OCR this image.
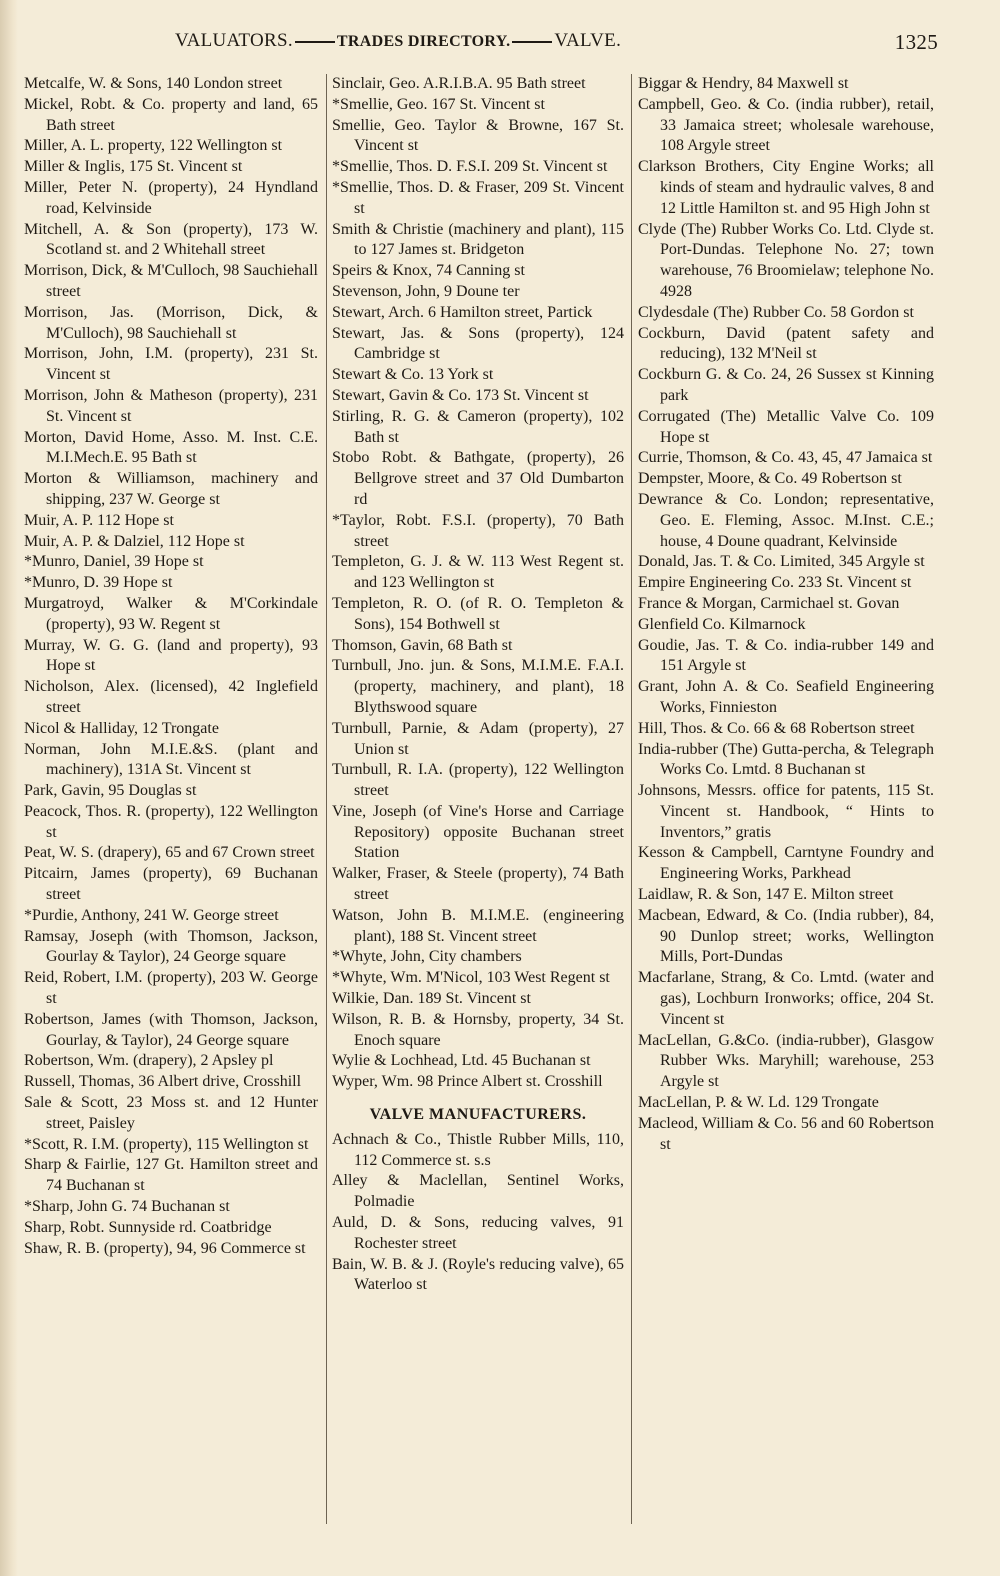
VALUATORS.	TRADES DIRECTORY. VALVE.	1325

Metcalfe, W. & Sons, 140 London street

Mickel, Robt. & Co. property and land, 65 Bath street

Miller, A. L. property, 122 Wellington st

Miller & Inglis, 175 St. Vincent st

Miller, Peter N. (property), 24 Hyndland road, Kelvinside

Mitchell, A. & Son (property), 173 W. Scotland st. and 2 Whitehall street

Morrison, Dick, & M'Culloch, 98 Sauchiehall street

Morrison, Jas. (Morrison, Dick, & M'Culloch), 98 Sauchiehall st

Morrison, John, I.M. (property), 231 St. Vincent st

Morrison, John & Matheson (property), 231 St. Vincent st

Morton, David Home, Asso. M. Inst. C.E. M.I.Mech.E. 95 Bath st

Morton & Williamson, machinery and shipping, 237 W. George st

Muir, A. P. 112 Hope st

Muir, A. P. & Dalziel, 112 Hope st

*Munro, Daniel, 39 Hope st

*Munro, D. 39 Hope st

Murgatroyd, Walker & M'Corkindale (property), 93 W. Regent st

Murray, W. G. G. (land and property), 93 Hope st

Nicholson, Alex. (licensed), 42 Inglefield street

Nicol & Halliday, 12 Trongate

Norman, John M.I.E.&S. (plant and machinery), 131A St. Vincent st

Park, Gavin, 95 Douglas st

Peacock, Thos. R. (property), 122 Wellington st

Peat, W. S. (drapery), 65 and 67 Crown street

Pitcairn, James (property), 69 Buchanan street

*Purdie, Anthony, 241 W. George street

Ramsay, Joseph (with Thomson, Jackson, Gourlay & Taylor), 24 George square

Reid, Robert, I.M. (property), 203 W. George st

Robertson, James (with Thomson, Jackson, Gourlay, & Taylor), 24 George square

Robertson, Wm. (drapery), 2 Apsley pl

Russell, Thomas, 36 Albert drive, Crosshill

Sale & Scott, 23 Moss st. and 12 Hunter street, Paisley

*Scott, R. I.M. (property), 115 Wellington st

Sharp & Fairlie, 127 Gt. Hamilton street and 74 Buchanan st

*Sharp, John G. 74 Buchanan st

Sharp, Robt. Sunnyside rd. Coatbridge

Shaw, R. B. (property), 94, 96 Commerce st

Sinclair, Geo. A.R.I.B.A. 95 Bath street

*Smellie, Geo. 167 St. Vincent st

Smellie, Geo. Taylor & Browne, 167 St. Vincent st

*Smellie, Thos. D. F.S.I. 209 St. Vincent st

*Smellie, Thos. D. & Fraser, 209 St. Vincent st

Smith & Christie (machinery and plant), 115 to 127 James st. Bridgeton

Speirs & Knox, 74 Canning st

Stevenson, John, 9 Doune ter

Stewart, Arch. 6 Hamilton street, Partick

Stewart, Jas. & Sons (property), 124 Cambridge st

Stewart & Co. 13 York st

Stewart, Gavin & Co. 173 St. Vincent st

Stirling, R. G. & Cameron (property), 102 Bath st

Stobo Robt. & Bathgate, (property), 26 Bellgrove street and 37 Old Dumbarton rd

*Taylor, Robt. F.S.I. (property), 70 Bath street

Templeton, G. J. & W. 113 West Regent st. and 123 Wellington st

Templeton, R. O. (of R. O. Templeton & Sons), 154 Bothwell st

Thomson, Gavin, 68 Bath st

Turnbull, Jno. jun. & Sons, M.I.M.E. F.A.I. (property, machinery, and plant), 18 Blythswood square

Turnbull, Parnie, & Adam (property), 27 Union st

Turnbull, R. I.A. (property), 122 Wellington street

Vine, Joseph (of Vine's Horse and Carriage Repository) opposite Buchanan street Station

Walker, Fraser, & Steele (property), 74 Bath street

Watson, John B. M.I.M.E. (engineering plant), 188 St. Vincent street

*Whyte, John, City chambers

*Whyte, Wm. M'Nicol, 103 West Regent st

Wilkie, Dan. 189 St. Vincent st

Wilson, R. B. & Hornsby, property, 34 St. Enoch square

Wylie & Lochhead, Ltd. 45 Buchanan st

Wyper, Wm. 98 Prince Albert st. Crosshill

VALVE MANUFACTURERS.

Achnach & Co., Thistle Rubber Mills, 110, 112 Commerce st. s.s

Alley & Maclellan, Sentinel Works, Polmadie

Auld, D. & Sons, reducing valves, 91 Rochester street

Bain, W. B. & J. (Royle's reducing valve), 65 Waterloo st

Biggar & Hendry, 84 Maxwell st

Campbell, Geo. & Co. (india rubber), retail, 33 Jamaica street; wholesale warehouse, 108 Argyle street

Clarkson Brothers, City Engine Works; all kinds of steam and hydraulic valves, 8 and 12 Little Hamilton st. and 95 High John st

Clyde (The) Rubber Works Co. Ltd. Clyde st. Port-Dundas. Telephone No. 27; town warehouse, 76 Broomielaw; telephone No. 4928

Clydesdale (The) Rubber Co. 58 Gordon st

Cockburn, David (patent safety and reducing), 132 M'Neil st

Cockburn G. & Co. 24, 26 Sussex st Kinning park

Corrugated (The) Metallic Valve Co. 109 Hope st

Currie, Thomson, & Co. 43, 45, 47 Jamaica st

Dempster, Moore, & Co. 49 Robertson st

Dewrance & Co. London; representative, Geo. E. Fleming, Assoc. M.Inst. C.E.; house, 4 Doune quadrant, Kelvinside

Donald, Jas. T. & Co. Limited, 345 Argyle st

Empire Engineering Co. 233 St. Vincent st

France & Morgan, Carmichael st. Govan

Glenfield Co. Kilmarnock

Goudie, Jas. T. & Co. india-rubber 149 and 151 Argyle st

Grant, John A. & Co. Seafield Engineering Works, Finnieston

Hill, Thos. & Co. 66 & 68 Robertson street

India-rubber (The) Gutta-percha, & Telegraph Works Co. Lmtd. 8 Buchanan st

Johnsons, Messrs. office for patents, 115 St. Vincent st. Handbook, “ Hints to Inventors,” gratis

Kesson & Campbell, Carntyne Foundry and Engineering Works, Parkhead

Laidlaw, R. & Son, 147 E. Milton street

Macbean, Edward, & Co. (India rubber), 84, 90 Dunlop street; works, Wellington Mills, Port-Dundas

Macfarlane, Strang, & Co. Lmtd. (water and gas), Lochburn Ironworks; office, 204 St. Vincent st

MacLellan, G.&Co. (india-rubber), Glasgow Rubber Wks. Maryhill; warehouse, 253 Argyle st

MacLellan, P. & W. Ld. 129 Trongate

Macleod, William & Co. 56 and 60 Robertson st
